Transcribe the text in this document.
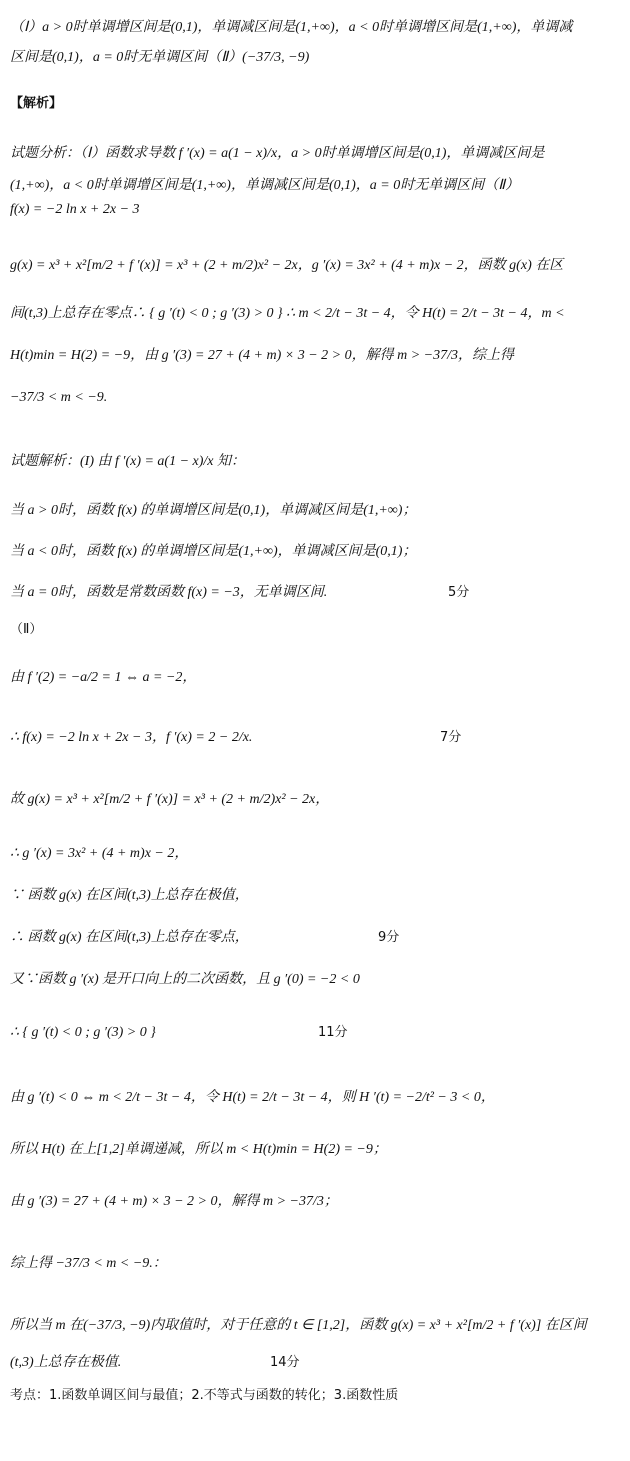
（Ⅰ）a > 0时单调增区间是(0,1)，单调减区间是(1,+∞)，a < 0时单调增区间是(1,+∞)，单调减
区间是(0,1)，a = 0时无单调区间（Ⅱ）(−37/3, −9)
【解析】
试题分析：（Ⅰ）函数求导数 f ′(x) = a(1 − x)/x，a > 0时单调增区间是(0,1)，单调减区间是
(1,+∞)，a < 0时单调增区间是(1,+∞)，单调减区间是(0,1)，a = 0时无单调区间（Ⅱ）
f(x) = −2 ln x + 2x − 3
g(x) = x³ + x²[m/2 + f ′(x)] = x³ + (2 + m/2)x² − 2x，g ′(x) = 3x² + (4 + m)x − 2，函数 g(x) 在区
间(t,3)上总存在零点∴ { g ′(t) < 0 ; g ′(3) > 0 } ∴ m < 2/t − 3t − 4，令 H(t) = 2/t − 3t − 4，m <
H(t)min = H(2) = −9，由 g ′(3) = 27 + (4 + m) × 3 − 2 > 0，解得 m > −37/3，综上得
−37/3 < m < −9.
试题解析：(I) 由 f ′(x) = a(1 − x)/x 知：
当 a > 0时，函数 f(x) 的单调增区间是(0,1)，单调减区间是(1,+∞)；
当 a < 0时，函数 f(x) 的单调增区间是(1,+∞)，单调减区间是(0,1)；
当 a = 0时，函数是常数函数 f(x) = −3，无单调区间.	5分
（Ⅱ）
由 f ′(2) = −a/2 = 1 ⇔ a = −2，
∴ f(x) = −2 ln x + 2x − 3，f ′(x) = 2 − 2/x.	7分
故 g(x) = x³ + x²[m/2 + f ′(x)] = x³ + (2 + m/2)x² − 2x，
∴ g ′(x) = 3x² + (4 + m)x − 2，
∵ 函数 g(x) 在区间(t,3)上总存在极值，
∴ 函数 g(x) 在区间(t,3)上总存在零点，	9分
又∵函数 g ′(x) 是开口向上的二次函数，且 g ′(0) = −2 < 0
∴ { g ′(t) < 0 ; g ′(3) > 0 }	11分
由 g ′(t) < 0 ⇔ m < 2/t − 3t − 4，令 H(t) = 2/t − 3t − 4，则 H ′(t) = −2/t² − 3 < 0，
所以 H(t) 在上[1,2]单调递减，所以 m < H(t)min = H(2) = −9；
由 g ′(3) = 27 + (4 + m) × 3 − 2 > 0，解得 m > −37/3；
综上得 −37/3 < m < −9.：
所以当 m 在(−37/3, −9)内取值时，对于任意的 t ∈ [1,2]，函数 g(x) = x³ + x²[m/2 + f ′(x)] 在区间
(t,3)上总存在极值.	14分
考点：1.函数单调区间与最值；2.不等式与函数的转化；3.函数性质
